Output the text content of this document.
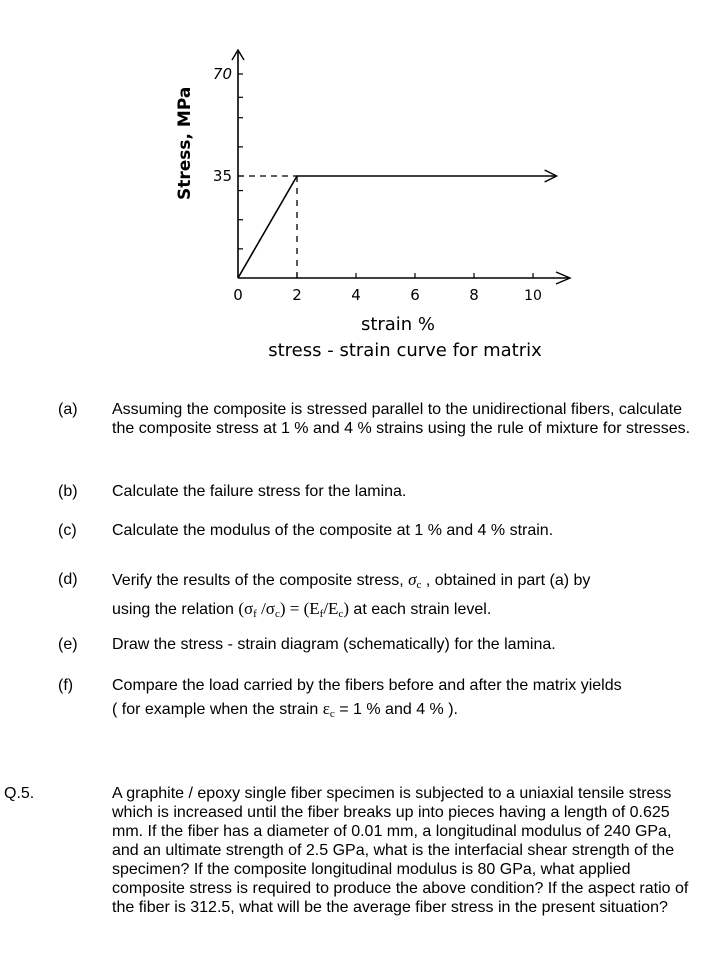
Stress, MPa
70
35
0	2	4	6	8	10
strain %
stress - strain curve for matrix
(a) Assuming the composite is stressed parallel to the unidirectional fibers, calculate the composite stress at 1 % and 4 % strains using the rule of mixture for stresses.
(b) Calculate the failure stress for the lamina.
(c) Calculate the modulus of the composite at 1 % and 4 % strain.
(d) Verify the results of the composite stress, $\sigma_c$ , obtained in part (a) by
using the relation ($\sigma_f$ $/\sigma_c) = (E_f/E_c)$ at each strain level.
(e) Draw the stress - strain diagram (schematically) for the lamina.
(f) Compare the load carried by the fibers before and after the matrix yields
( for example when the strain $\varepsilon_c = 1$ % and 4 % ).
Q.5.	A graphite / epoxy single fiber specimen is subjected to a uniaxial tensile stress which is increased until the fiber breaks up into pieces having a length of 0.625 mm. If the fiber has a diameter of 0.01 mm, a longitudinal modulus of 240 GPa, and an ultimate strength of 2.5 GPa, what is the interfacial shear strength of the specimen? If the composite longitudinal modulus is 80 GPa, what applied composite stress is required to produce the above condition? If the aspect ratio of the fiber is 312.5, what will be the average fiber stress in the present situation?
